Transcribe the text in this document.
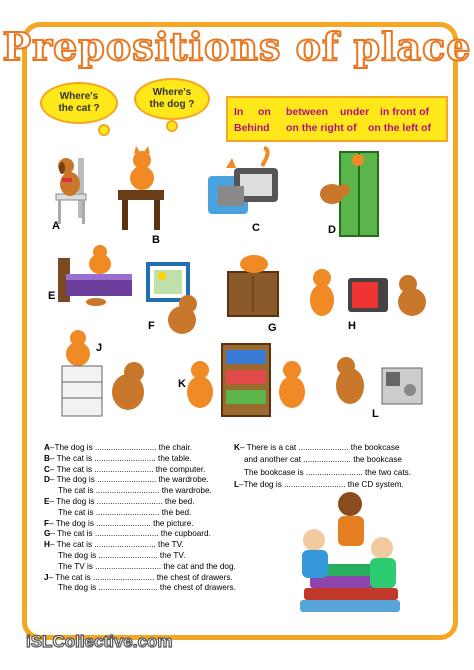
Prepositions of place
Where's the cat ?
Where's the dog ?
In on between under in front of
Behind on the right of on the left of
A
B
C	D
E
F	G	H
J
K
L
A–The dog is ........................... the chair.
B– The cat is ........................... the table.
C– The cat is .......................... the computer.
D– The dog is .......................... the wardrobe.
The cat is ............................ the wardrobe.
E– The dog is ............................. the bed.
The cat is ............................ the bed.
F– The dog is ........................ the picture.
G– The cat is ............................ the cupboard.
H– The cat is ........................... the TV.
The dog is .......................... the TV.
The TV is ............................. the cat and the dog.
J– The cat is ........................... the chest of drawers.
The dog is .......................... the chest of drawers.
K– There is a cat ...................... the bookcase
and another cat ..................... the bookcase
The bookcase is ......................... the two cats.
L–The dog is ........................... the CD system.
iSLCollective.com
